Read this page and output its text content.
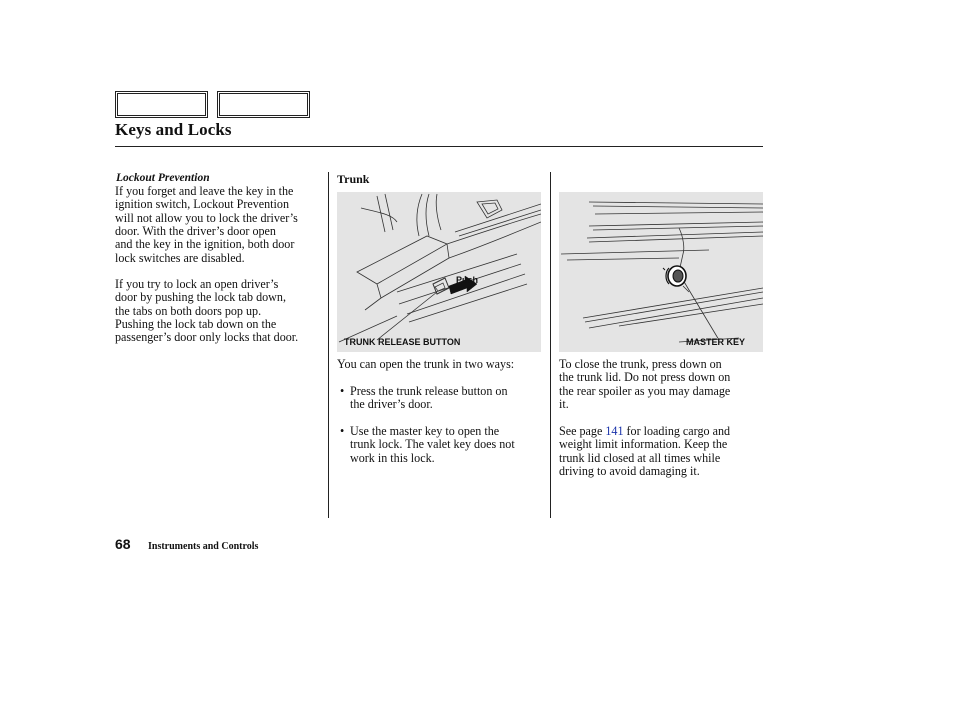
Keys and Locks
Lockout Prevention
If you forget and leave the key in the
ignition switch, Lockout Prevention
will not allow you to lock the driver’s
door. With the driver’s door open
and the key in the ignition, both door
lock switches are disabled.
If you try to lock an open driver’s
door by pushing the lock tab down,
the tabs on both doors pop up.
Pushing the lock tab down on the
passenger’s door only locks that door.
Trunk
Push
TRUNK RELEASE BUTTON
You can open the trunk in two ways:
• Press the trunk release button on
the driver’s door.
• Use the master key to open the
trunk lock. The valet key does not
work in this lock.
MASTER KEY
To close the trunk, press down on
the trunk lid. Do not press down on
the rear spoiler as you may damage
it.
See page 141 for loading cargo and
weight limit information. Keep the
trunk lid closed at all times while
driving to avoid damaging it.
68 Instruments and Controls
